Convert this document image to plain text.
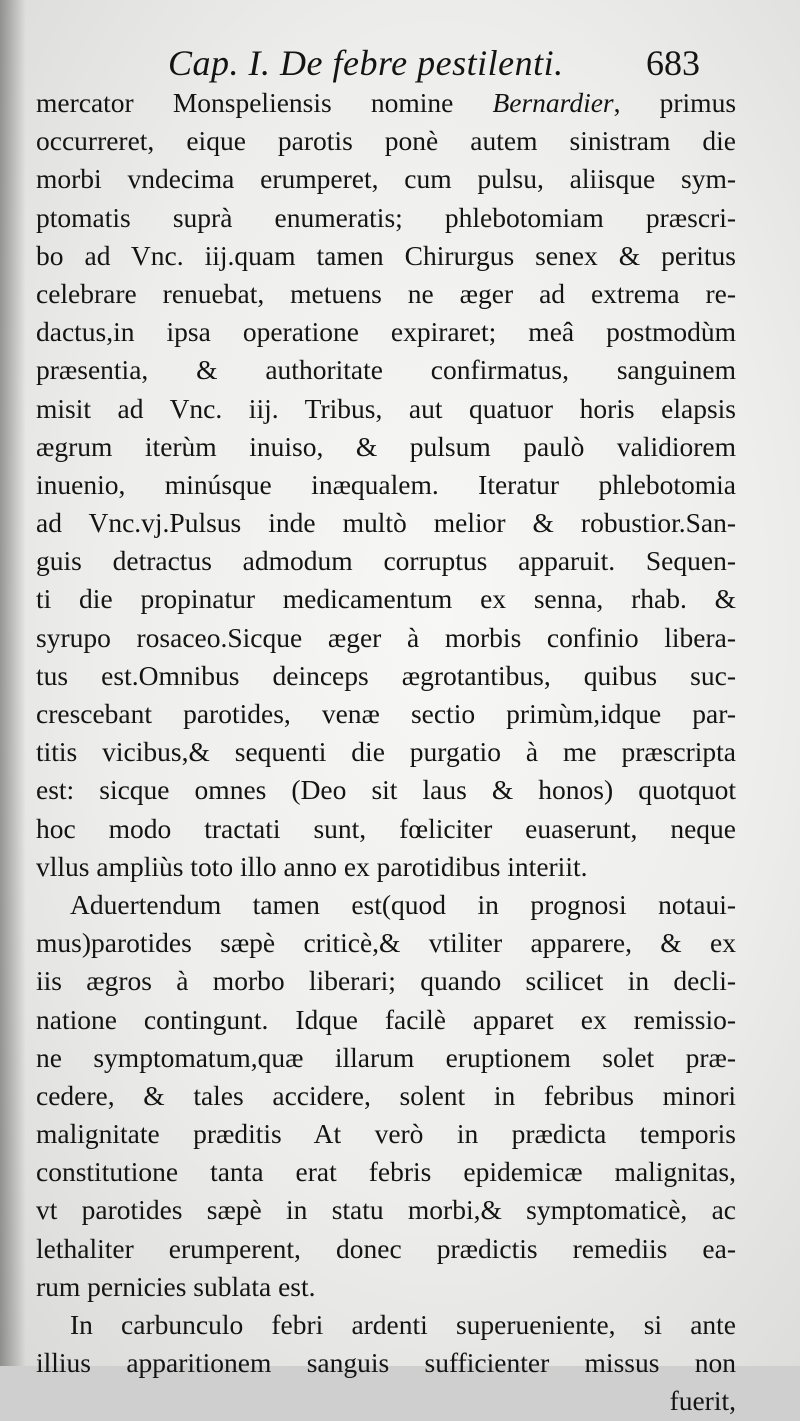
Cap. I. De febre pestilenti. 683
mercator Monspeliensis nomine Bernardier, primus
occurreret, eique parotis ponè autem sinistram die
morbi vndecima erumperet, cum pulsu, aliisque sym-
ptomatis suprà enumeratis; phlebotomiam præscri-
bo ad Vnc. iij.quam tamen Chirurgus senex & peritus
celebrare renuebat, metuens ne æger ad extrema re-
dactus,in ipsa operatione expiraret; meâ postmodùm
præsentia, & authoritate confirmatus, sanguinem
misit ad Vnc. iij. Tribus, aut quatuor horis elapsis
ægrum iterùm inuiso, & pulsum paulò validiorem
inuenio, minúsque inæqualem. Iteratur phlebotomia
ad Vnc.vj.Pulsus inde multò melior & robustior.San-
guis detractus admodum corruptus apparuit. Sequen-
ti die propinatur medicamentum ex senna, rhab. &
syrupo rosaceo.Sicque æger à morbis confinio libera-
tus est.Omnibus deinceps ægrotantibus, quibus suc-
crescebant parotides, venæ sectio primùm,idque par-
titis vicibus,& sequenti die purgatio à me præscripta
est: sicque omnes (Deo sit laus & honos) quotquot
hoc modo tractati sunt, fœliciter euaserunt, neque
vllus ampliùs toto illo anno ex parotidibus interiit.
Aduertendum tamen est(quod in prognosi notaui-
mus)parotides sæpè criticè,& vtiliter apparere, & ex
iis ægros à morbo liberari; quando scilicet in decli-
natione contingunt. Idque facilè apparet ex remissio-
ne symptomatum,quæ illarum eruptionem solet præ-
cedere, & tales accidere, solent in febribus minori
malignitate præditis At verò in prædicta temporis
constitutione tanta erat febris epidemicæ malignitas,
vt parotides sæpè in statu morbi,& symptomaticè, ac
lethaliter erumperent, donec prædictis remediis ea-
rum pernicies sublata est.
In carbunculo febri ardenti superueniente, si ante
illius apparitionem sanguis sufficienter missus non
fuerit,
